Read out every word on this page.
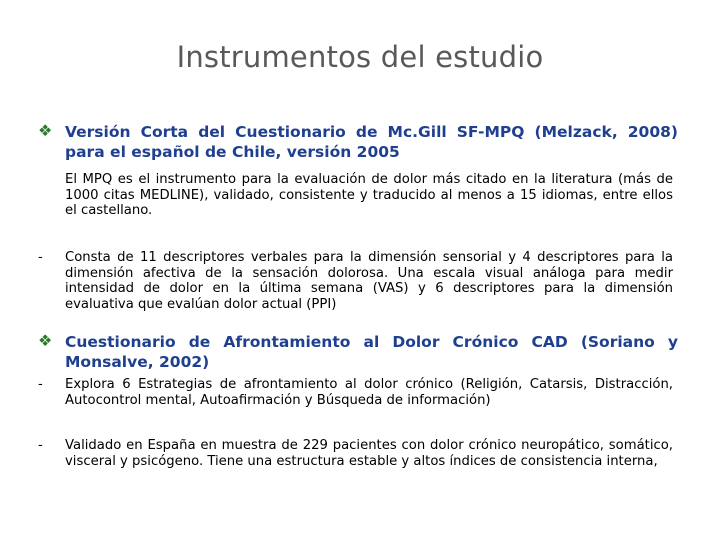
Instrumentos del estudio
❖ Versión Corta del Cuestionario de Mc.Gill SF-MPQ (Melzack, 2008) para el español de Chile, versión 2005
El MPQ es el instrumento para la evaluación de dolor más citado en la literatura (más de 1000 citas MEDLINE), validado, consistente y traducido al menos a 15 idiomas, entre ellos el castellano.
- Consta de 11 descriptores verbales para la dimensión sensorial y 4 descriptores para la dimensión afectiva de la sensación dolorosa. Una escala visual análoga para medir intensidad de dolor en la última semana (VAS) y 6 descriptores para la dimensión evaluativa que evalúan dolor actual (PPI)
❖ Cuestionario de Afrontamiento al Dolor Crónico CAD (Soriano y Monsalve, 2002)
- Explora 6 Estrategias de afrontamiento al dolor crónico (Religión, Catarsis, Distracción, Autocontrol mental, Autoafirmación y Búsqueda de información)
- Validado en España en muestra de 229 pacientes con dolor crónico neuropático, somático, visceral y psicógeno. Tiene una estructura estable y altos índices de consistencia interna,
